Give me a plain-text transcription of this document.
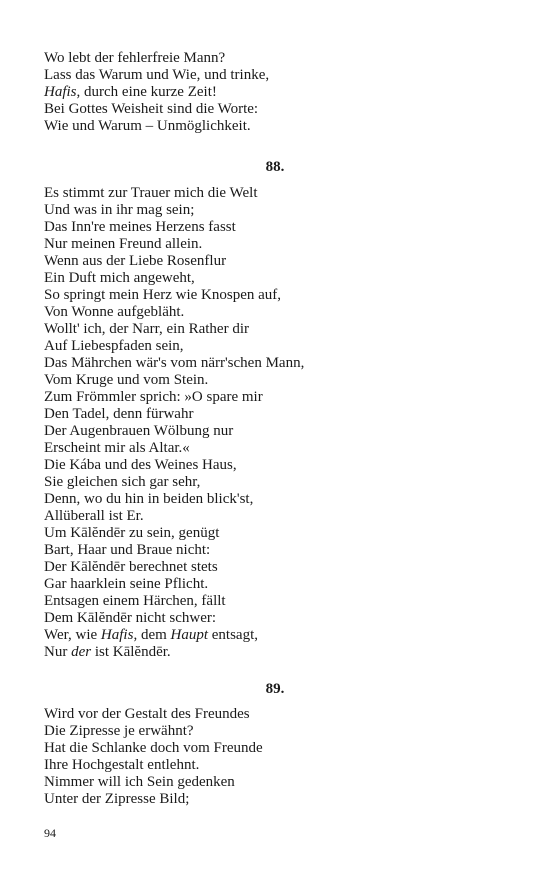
Wo lebt der fehlerfreie Mann?
Lass das Warum und Wie, und trinke,
Hafis, durch eine kurze Zeit!
Bei Gottes Weisheit sind die Worte:
Wie und Warum – Unmöglichkeit.
88.
Es stimmt zur Trauer mich die Welt
Und was in ihr mag sein;
Das Inn're meines Herzens fasst
Nur meinen Freund allein.
Wenn aus der Liebe Rosenflur
Ein Duft mich angeweht,
So springt mein Herz wie Knospen auf,
Von Wonne aufgebläht.
Wollt' ich, der Narr, ein Rather dir
Auf Liebespfaden sein,
Das Mährchen wär's vom närr'schen Mann,
Vom Kruge und vom Stein.
Zum Frömmler sprich: »O spare mir
Den Tadel, denn fürwahr
Der Augenbrauen Wölbung nur
Erscheint mir als Altar.«
Die Kába und des Weines Haus,
Sie gleichen sich gar sehr,
Denn, wo du hin in beiden blick'st,
Allüberall ist Er.
Um Kālĕndēr zu sein, genügt
Bart, Haar und Braue nicht:
Der Kālĕndēr berechnet stets
Gar haarklein seine Pflicht.
Entsagen einem Härchen, fällt
Dem Kālĕndēr nicht schwer:
Wer, wie Hafis, dem Haupt entsagt,
Nur der ist Kālĕndēr.
89.
Wird vor der Gestalt des Freundes
Die Zipresse je erwähnt?
Hat die Schlanke doch vom Freunde
Ihre Hochgestalt entlehnt.
Nimmer will ich Sein gedenken
Unter der Zipresse Bild;
94
